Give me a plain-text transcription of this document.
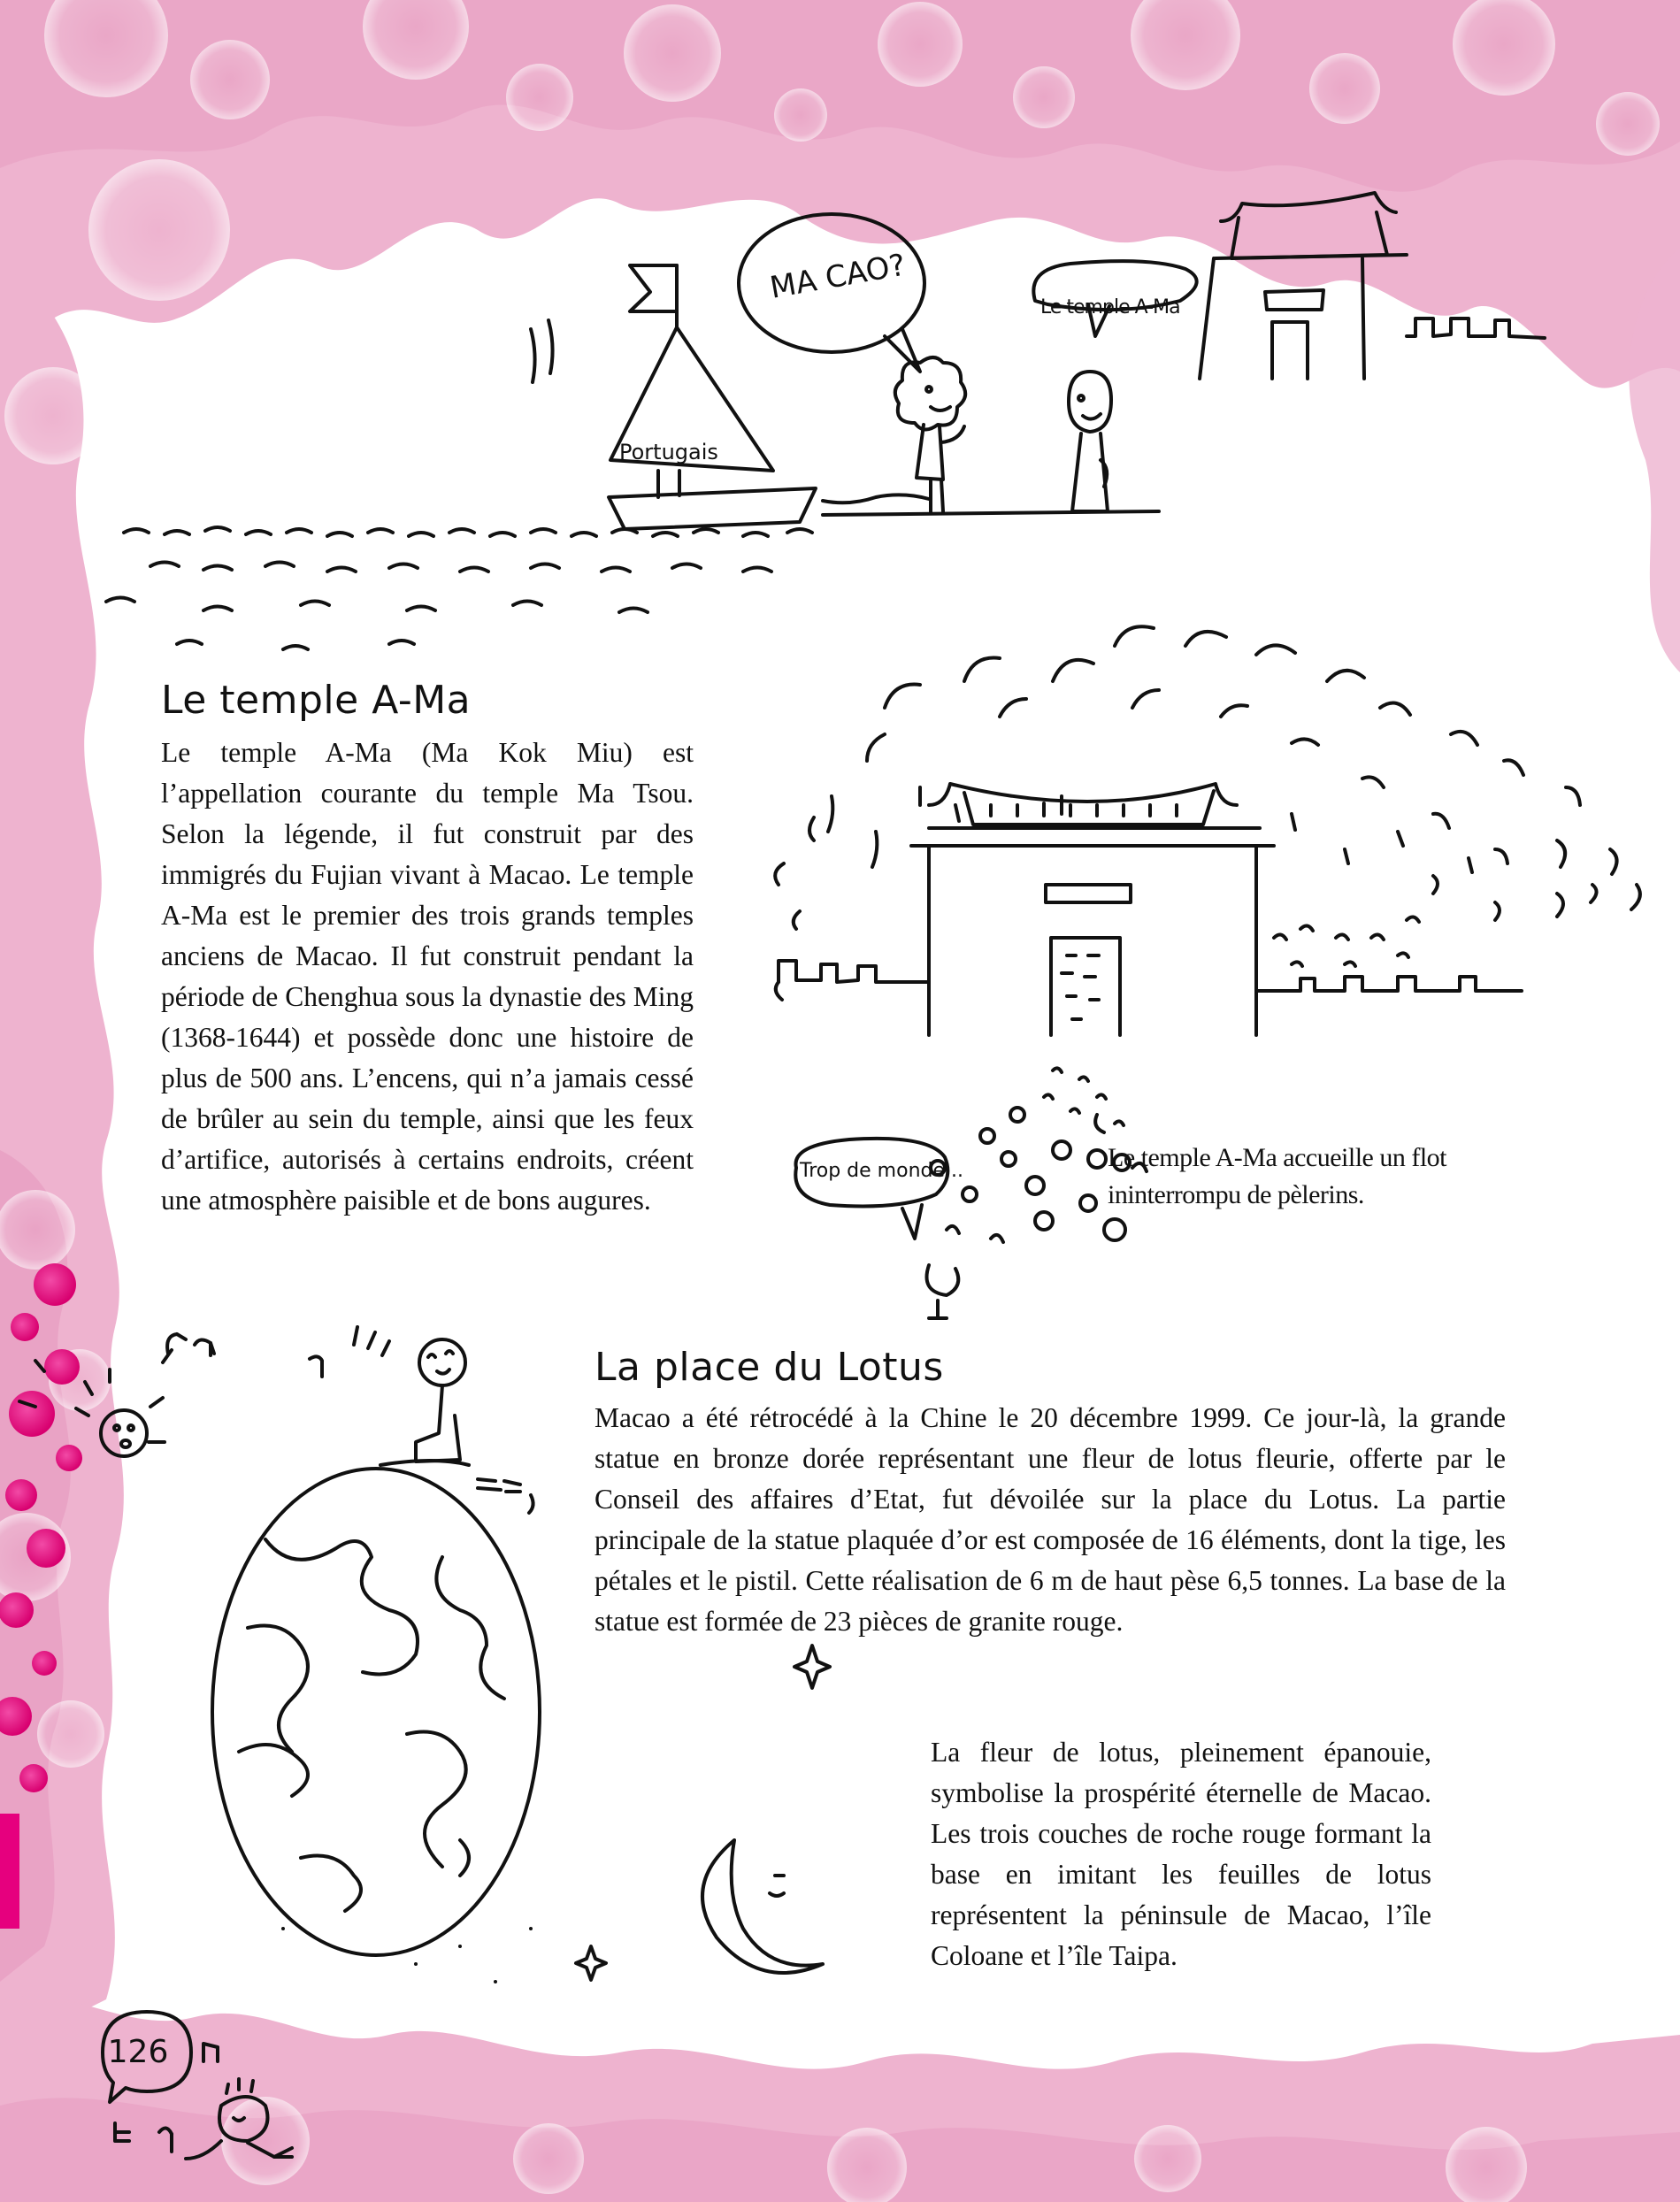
Portugais
MA CAO?
Le temple A-Ma
Trop de monde...
126
Le temple A-Ma

Le temple A-Ma (Ma Kok Miu) est l’appellation courante du temple Ma Tsou. Selon la légende, il fut construit par des immigrés du Fujian vivant à Macao. Le temple A-Ma est le premier des trois grands temples anciens de Macao. Il fut construit pendant la période de Chenghua sous la dynastie des Ming (1368-1644) et possède donc une histoire de plus de 500 ans. L’encens, qui n’a jamais cessé de brûler au sein du temple, ainsi que les feux d’artifice, autorisés à certains endroits, créent une atmosphère paisible et de bons augures.

Le temple A-Ma accueille un flot ininterrompu de pèlerins.

La place du Lotus

Macao a été rétrocédé à la Chine le 20 décembre 1999. Ce jour-là, la grande statue en bronze dorée représentant une fleur de lotus fleurie, offerte par le Conseil des affaires d’Etat, fut dévoilée sur la place du Lotus. La partie principale de la statue plaquée d’or est composée de 16 éléments, dont la tige, les pétales et le pistil. Cette réalisation de 6 m de haut pèse 6,5 tonnes. La base de la statue est formée de 23 pièces de granite rouge.

La fleur de lotus, pleinement épanouie, symbolise la prospérité éternelle de Macao. Les trois couches de roche rouge formant la base en imitant les feuilles de lotus représentent la péninsule de Macao, l’île Coloane et l’île Taipa.
